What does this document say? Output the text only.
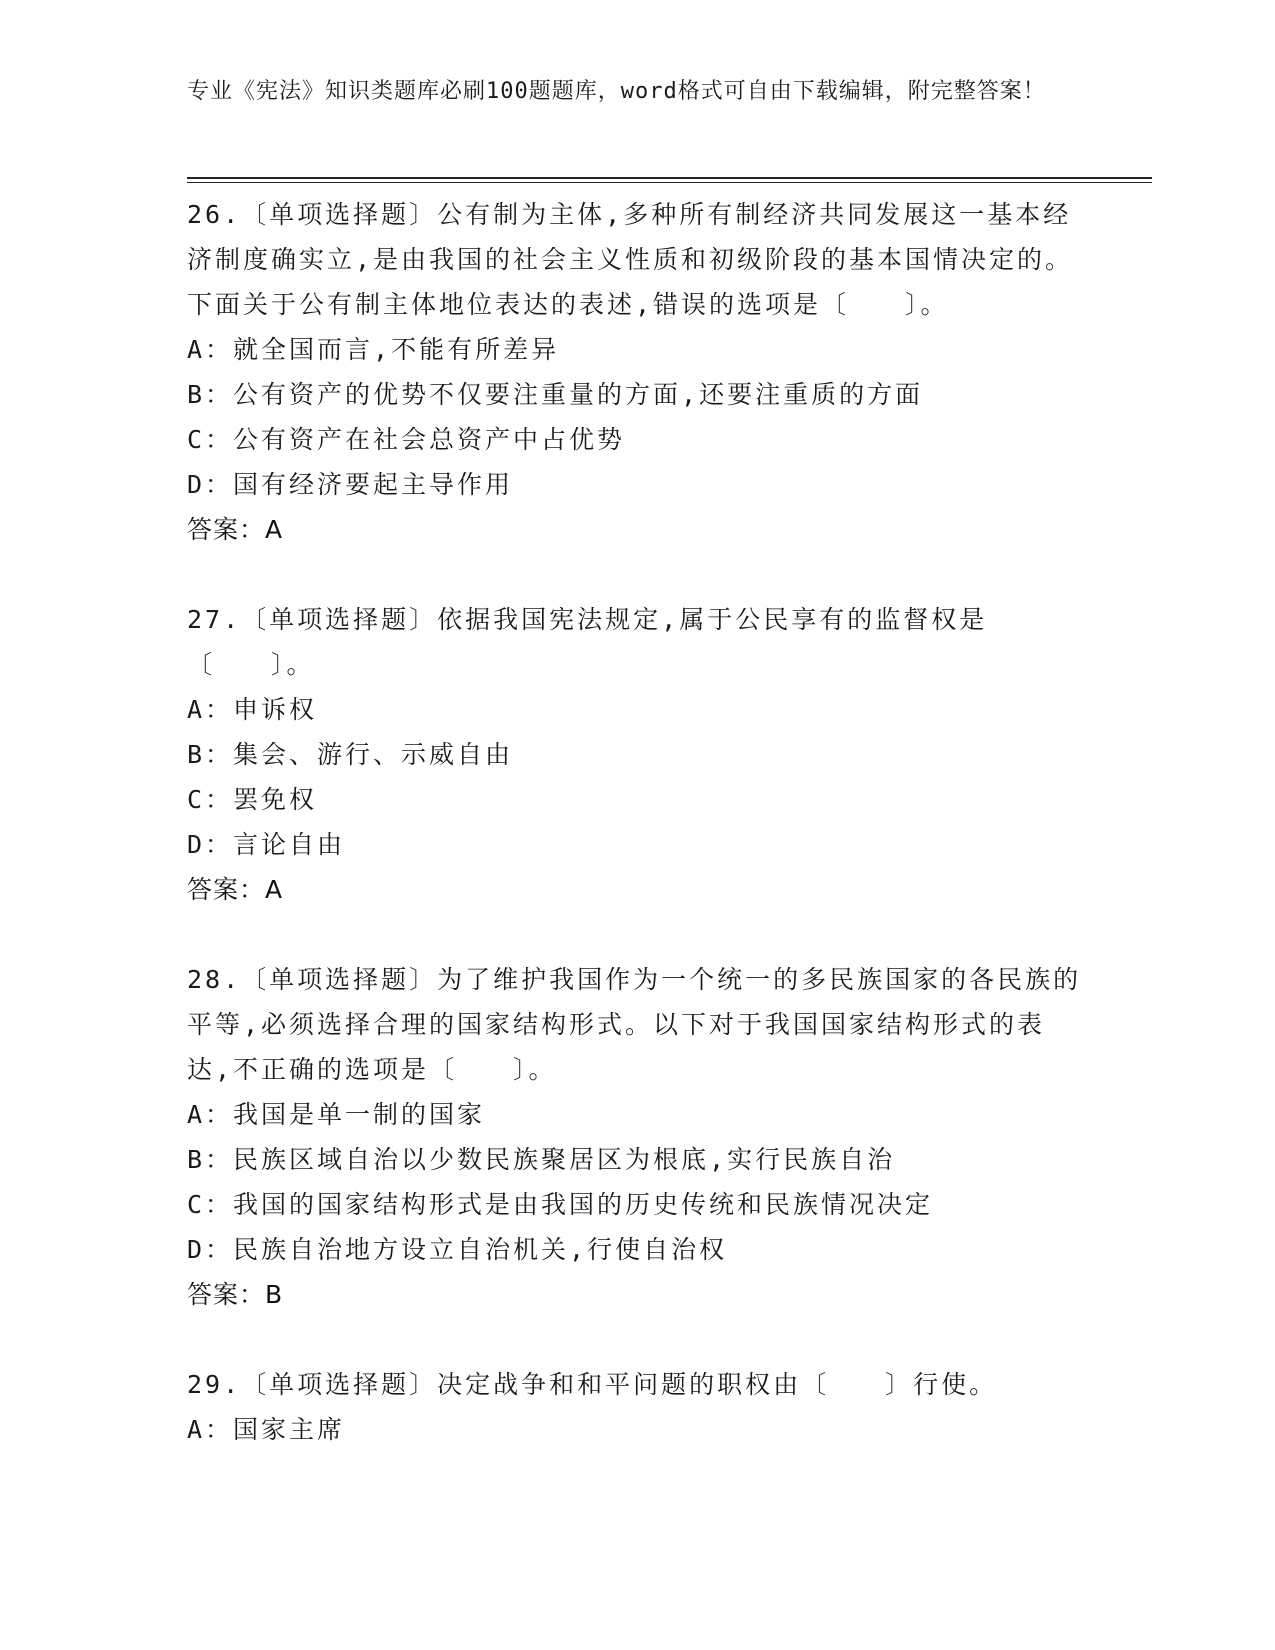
专业《宪法》知识类题库必刷100题题库，word格式可自由下载编辑，附完整答案！
26.〔单项选择题〕公有制为主体,多种所有制经济共同发展这一基本经济制度确实立,是由我国的社会主义性质和初级阶段的基本国情决定的。下面关于公有制主体地位表达的表述,错误的选项是〔　　〕。
A：就全国而言,不能有所差异
B：公有资产的优势不仅要注重量的方面,还要注重质的方面
C：公有资产在社会总资产中占优势
D：国有经济要起主导作用
答案：A
27.〔单项选择题〕依据我国宪法规定,属于公民享有的监督权是〔　　〕。
A：申诉权
B：集会、游行、示威自由
C：罢免权
D：言论自由
答案：A
28.〔单项选择题〕为了维护我国作为一个统一的多民族国家的各民族的平等,必须选择合理的国家结构形式。以下对于我国国家结构形式的表达,不正确的选项是〔　　〕。
A：我国是单一制的国家
B：民族区域自治以少数民族聚居区为根底,实行民族自治
C：我国的国家结构形式是由我国的历史传统和民族情况决定
D：民族自治地方设立自治机关,行使自治权
答案：B
29.〔单项选择题〕决定战争和和平问题的职权由〔　　〕行使。
A：国家主席
